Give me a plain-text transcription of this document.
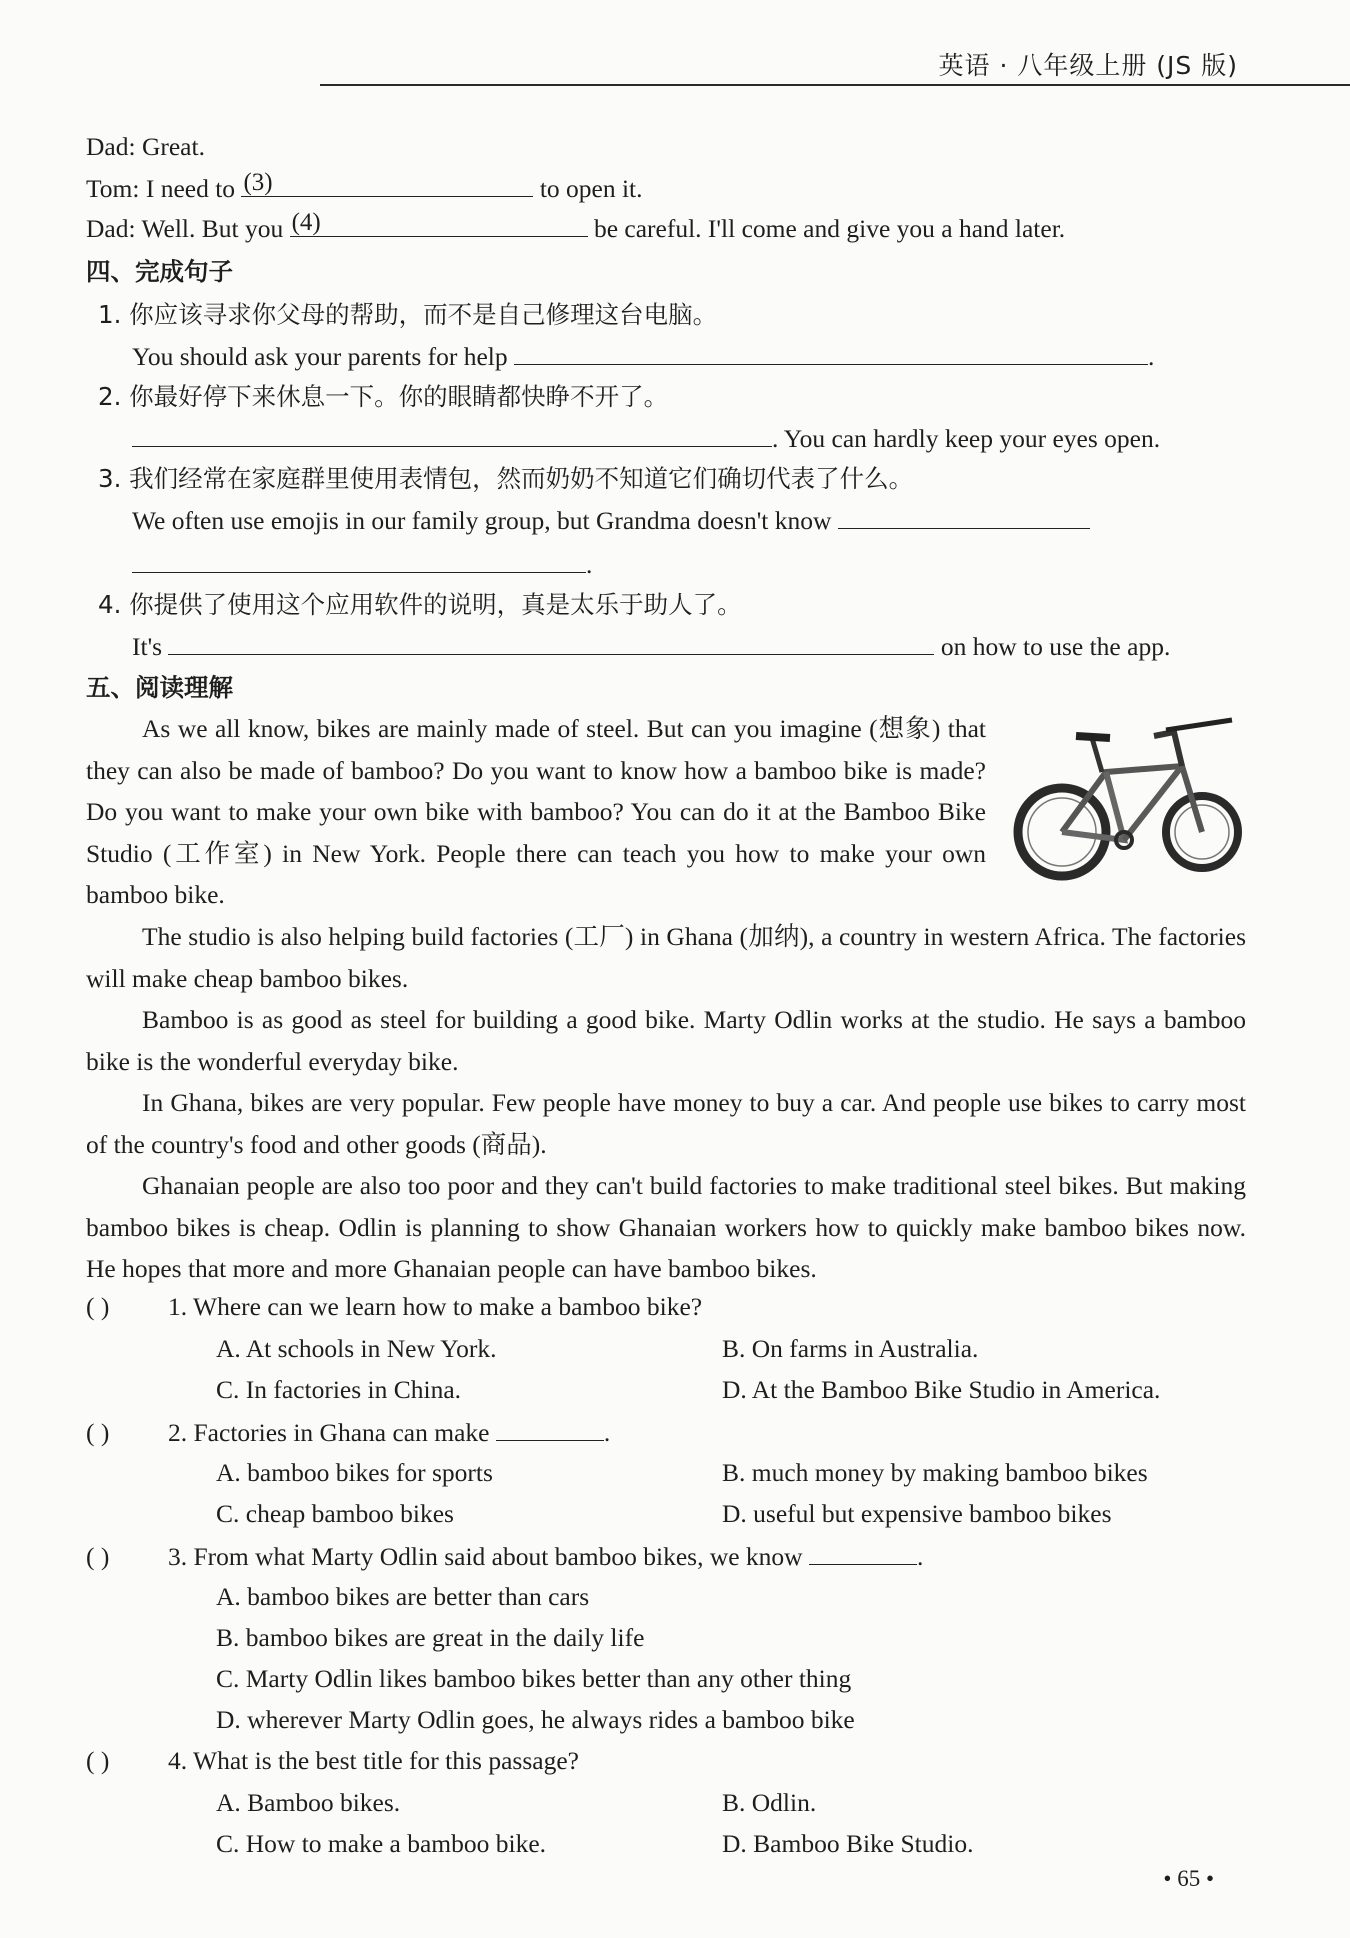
英语 · 八年级上册 (JS 版)
Dad: Great.
Tom: I need to (3)	to open it.
Dad: Well. But you (4)	be careful. I'll come and give you a hand later.
四、完成句子
1. 你应该寻求你父母的帮助，而不是自己修理这台电脑。
You should ask your parents for help	.
2. 你最好停下来休息一下。你的眼睛都快睁不开了。
. You can hardly keep your eyes open.
3. 我们经常在家庭群里使用表情包，然而奶奶不知道它们确切代表了什么。
We often use emojis in our family group, but Grandma doesn't know
.
4. 你提供了使用这个应用软件的说明，真是太乐于助人了。
It's	on how to use the app.
五、阅读理解
As we all know, bikes are mainly made of steel. But can you imagine (想象) that they can also be made of bamboo? Do you want to know how a bamboo bike is made? Do you want to make your own bike with bamboo? You can do it at the Bamboo Bike Studio (工作室) in New York. People there can teach you how to make your own bamboo bike.
The studio is also helping build factories (工厂) in Ghana (加纳), a country in western Africa. The factories will make cheap bamboo bikes.
Bamboo is as good as steel for building a good bike. Marty Odlin works at the studio. He says a bamboo bike is the wonderful everyday bike.
In Ghana, bikes are very popular. Few people have money to buy a car. And people use bikes to carry most of the country's food and other goods (商品).
Ghanaian people are also too poor and they can't build factories to make traditional steel bikes. But making bamboo bikes is cheap. Odlin is planning to show Ghanaian workers how to quickly make bamboo bikes now. He hopes that more and more Ghanaian people can have bamboo bikes.
( ) 1. Where can we learn how to make a bamboo bike?
A. At schools in New York.	B. On farms in Australia.
C. In factories in China.	D. At the Bamboo Bike Studio in America.
( ) 2. Factories in Ghana can make	.
A. bamboo bikes for sports	B. much money by making bamboo bikes
C. cheap bamboo bikes	D. useful but expensive bamboo bikes
( ) 3. From what Marty Odlin said about bamboo bikes, we know	.
A. bamboo bikes are better than cars
B. bamboo bikes are great in the daily life
C. Marty Odlin likes bamboo bikes better than any other thing
D. wherever Marty Odlin goes, he always rides a bamboo bike
( ) 4. What is the best title for this passage?
A. Bamboo bikes.	B. Odlin.
C. How to make a bamboo bike.	D. Bamboo Bike Studio.
• 65 •
